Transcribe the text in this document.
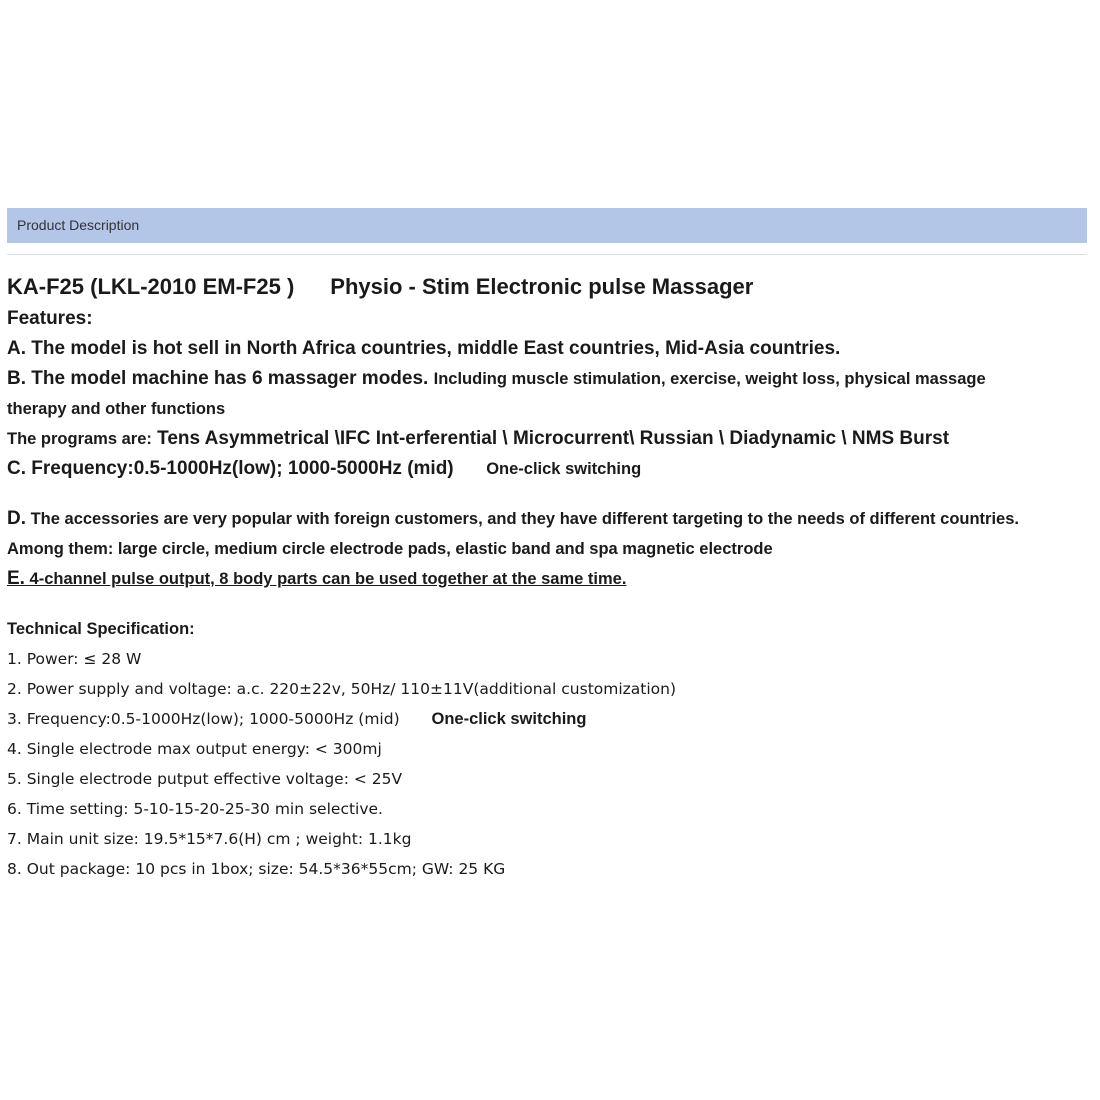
Product Description

KA-F25 (LKL-2010 EM-F25 ) Physio - Stim Electronic pulse Massager

Features:

A. The model is hot sell in North Africa countries, middle East countries, Mid-Asia countries.

B. The model machine has 6 massager modes. Including muscle stimulation, exercise, weight loss, physical massage

therapy and other functions

The programs are: Tens Asymmetrical \IFC Int-erferential \ Microcurrent\ Russian \ Diadynamic \ NMS Burst

C. Frequency:0.5-1000Hz(low); 1000-5000Hz (mid) One-click switching

D. The accessories are very popular with foreign customers, and they have different targeting to the needs of different countries.

Among them: large circle, medium circle electrode pads, elastic band and spa magnetic electrode

E. 4-channel pulse output, 8 body parts can be used together at the same time.

Technical Specification:

1. Power: ≤ 28 W

2. Power supply and voltage: a.c. 220±22v, 50Hz/ 110±11V(additional customization)

3. Frequency:0.5-1000Hz(low); 1000-5000Hz (mid) One-click switching

4. Single electrode max output energy: < 300mj

5. Single electrode putput effective voltage: < 25V

6. Time setting: 5-10-15-20-25-30 min selective.

7. Main unit size: 19.5*15*7.6(H) cm ; weight: 1.1kg

8. Out package: 10 pcs in 1box; size: 54.5*36*55cm; GW: 25 KG
